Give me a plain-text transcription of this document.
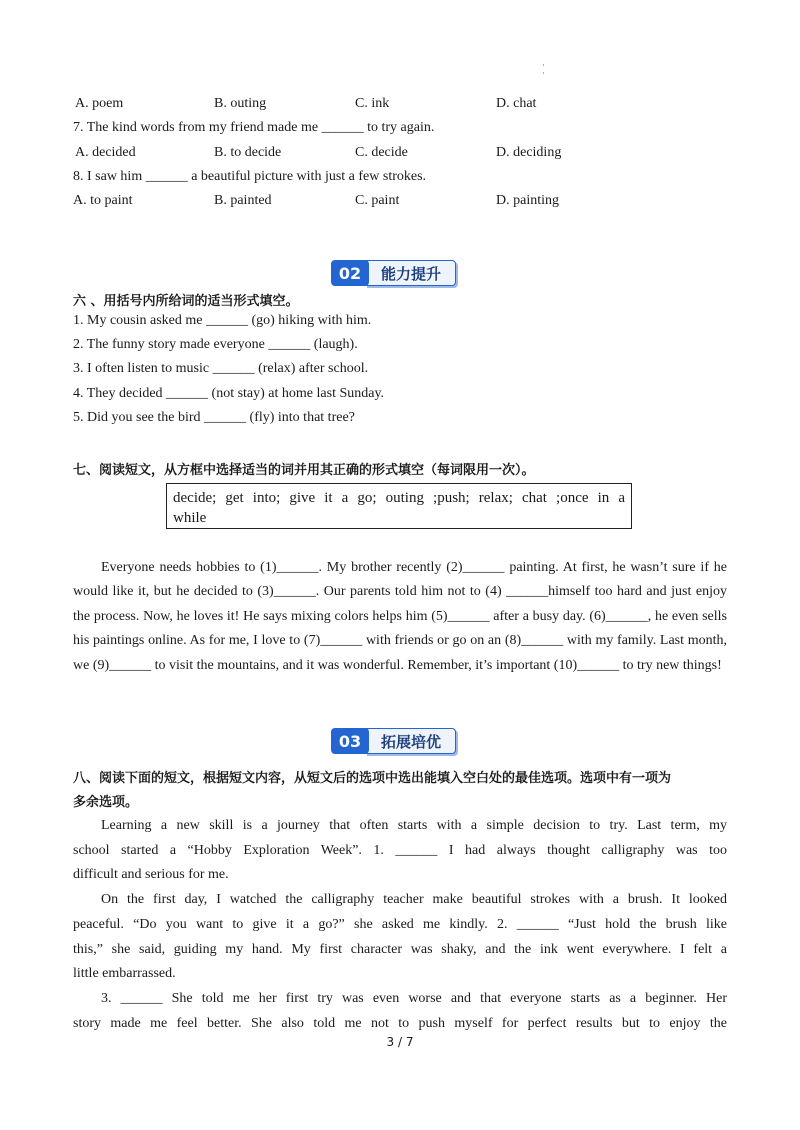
·
·
A. poem	B. outing	C. ink	D. chat
7. The kind words from my friend made me ______ to try again.
A. decided	B. to decide	C. decide	D. deciding
8. I saw him ______ a beautiful picture with just a few strokes.
A. to paint	B. painted	C. paint	D. painting
02	能力提升
六 、用括号内所给词的适当形式填空。
1. My cousin asked me ______ (go) hiking with him.
2. The funny story made everyone ______ (laugh).
3. I often listen to music ______ (relax) after school.
4. They decided ______ (not stay) at home last Sunday.
5. Did you see the bird ______ (fly) into that tree?
七、阅读短文，从方框中选择适当的词并用其正确的形式填空（每词限用一次）。
decide; get into; give it a go; outing ;push; relax; chat ;once in a while

Everyone needs hobbies to (1)______. My brother recently (2)______ painting. At first, he wasn’t sure if he

would like it, but he decided to (3)______. Our parents told him not to (4) ______himself too hard and just enjoy

the process. Now, he loves it! He says mixing colors helps him (5)______ after a busy day. (6)______, he even sells

his paintings online. As for me, I love to (7)______ with friends or go on an (8)______ with my family. Last month,

we (9)______ to visit the mountains, and it was wonderful. Remember, it’s important (10)______ to try new things!

03	拓展培优
八、阅读下面的短文，根据短文内容，从短文后的选项中选出能填入空白处的最佳选项。选项中有一项为
多余选项。

Learning a new skill is a journey that often starts with a simple decision to try. Last term, my

school started a “Hobby Exploration Week”. 1. ______ I had always thought calligraphy was too

difficult and serious for me.

On the first day, I watched the calligraphy teacher make beautiful strokes with a brush. It looked

peaceful. “Do you want to give it a go?” she asked me kindly. 2. ______ “Just hold the brush like

this,” she said, guiding my hand. My first character was shaky, and the ink went everywhere. I felt a

little embarrassed.

3. ______ She told me her first try was even worse and that everyone starts as a beginner. Her

story made me feel better. She also told me not to push myself for perfect results but to enjoy the

3 / 7
